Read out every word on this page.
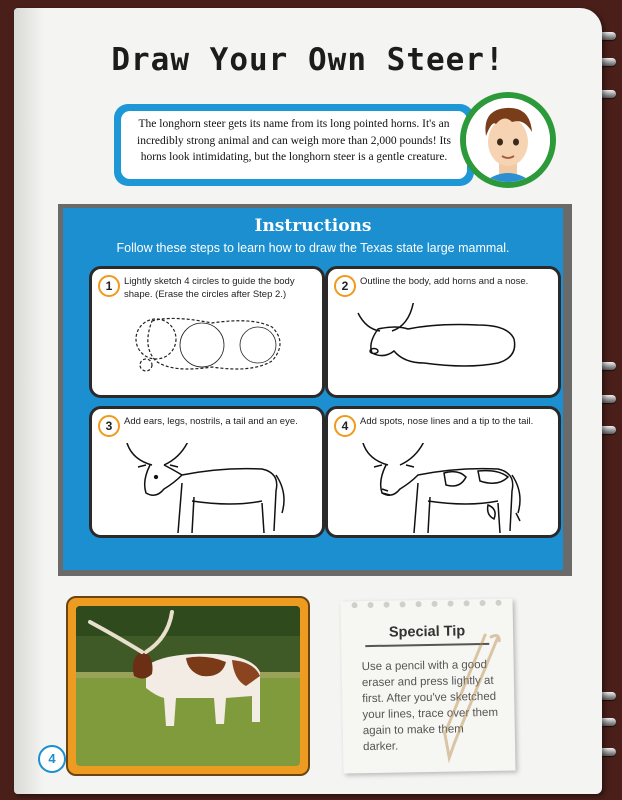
Draw Your Own Steer!
The longhorn steer gets its name from its long pointed horns. It's an incredibly strong animal and can weigh more than 2,000 pounds! Its horns look intimidating, but the longhorn steer is a gentle creature.
Instructions
Follow these steps to learn how to draw the Texas state large mammal.
1	Lightly sketch 4 circles to guide the body shape. (Erase the circles after Step 2.)
2	Outline the body, add horns and a nose.
3	Add ears, legs, nostrils, a tail and an eye.	4	Add spots, nose lines and a tip to the tail.
Special Tip
Use a pencil with a good eraser and press lightly at first. After you've sketched your lines, trace over them again to make them darker.
4
